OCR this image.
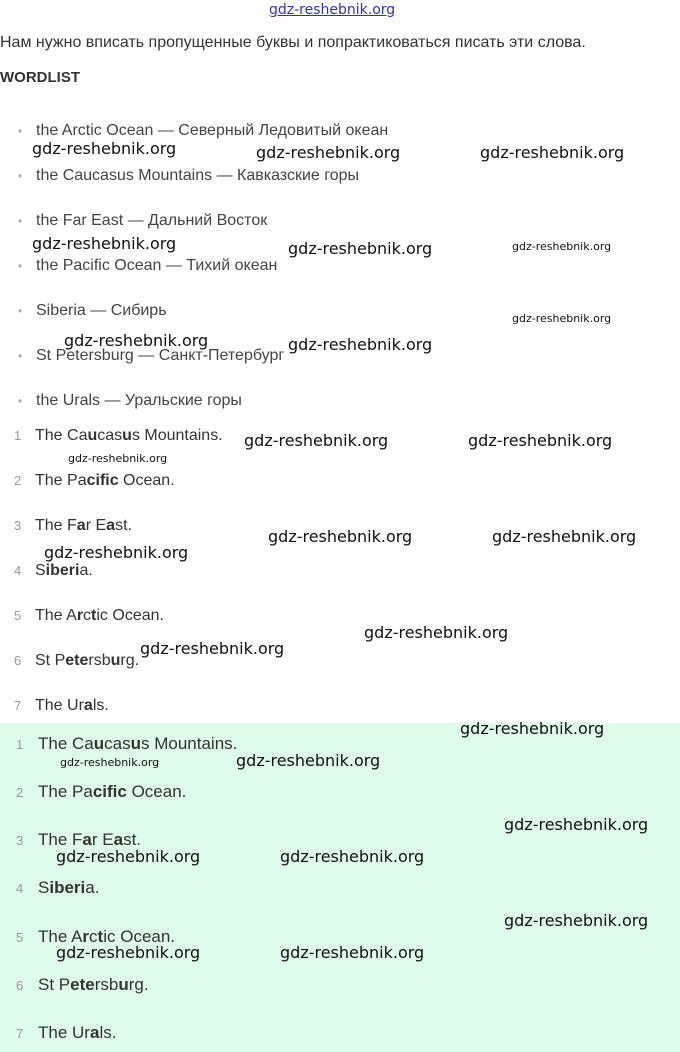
gdz-reshebnik.org
Нам нужно вписать пропущенные буквы и попрактиковаться писать эти слова.
WORDLIST
• the Arctic Ocean — Северный Ледовитый океан
• the Caucasus Mountains — Кавказские горы
• the Far East — Дальний Восток
• the Pacific Ocean — Тихий океан
• Siberia — Сибирь
• St Petersburg — Санкт-Петербург
• the Urals — Уральские горы
1 The Caucasus Mountains.
2 The Pacific Ocean.
3 The Far East.
4 Siberia.
5 The Arctic Ocean.
6 St Petersburg.
7 The Urals.
1 The Caucasus Mountains.
2 The Pacific Ocean.
3 The Far East.
4 Siberia.
5 The Arctic Ocean.
6 St Petersburg.
7 The Urals.
gdz-reshebnik.org	gdz-reshebnik.org	gdz-reshebnik.org
gdz-reshebnik.org	gdz-reshebnik.org	gdz-reshebnik.org
gdz-reshebnik.org
gdz-reshebnik.org	gdz-reshebnik.org
gdz-reshebnik.org	gdz-reshebnik.org
gdz-reshebnik.org
gdz-reshebnik.org	gdz-reshebnik.org
gdz-reshebnik.org
gdz-reshebnik.org
gdz-reshebnik.org
gdz-reshebnik.org
gdz-reshebnik.org
gdz-reshebnik.org
gdz-reshebnik.org
gdz-reshebnik.org	gdz-reshebnik.org
gdz-reshebnik.org
gdz-reshebnik.org	gdz-reshebnik.org
